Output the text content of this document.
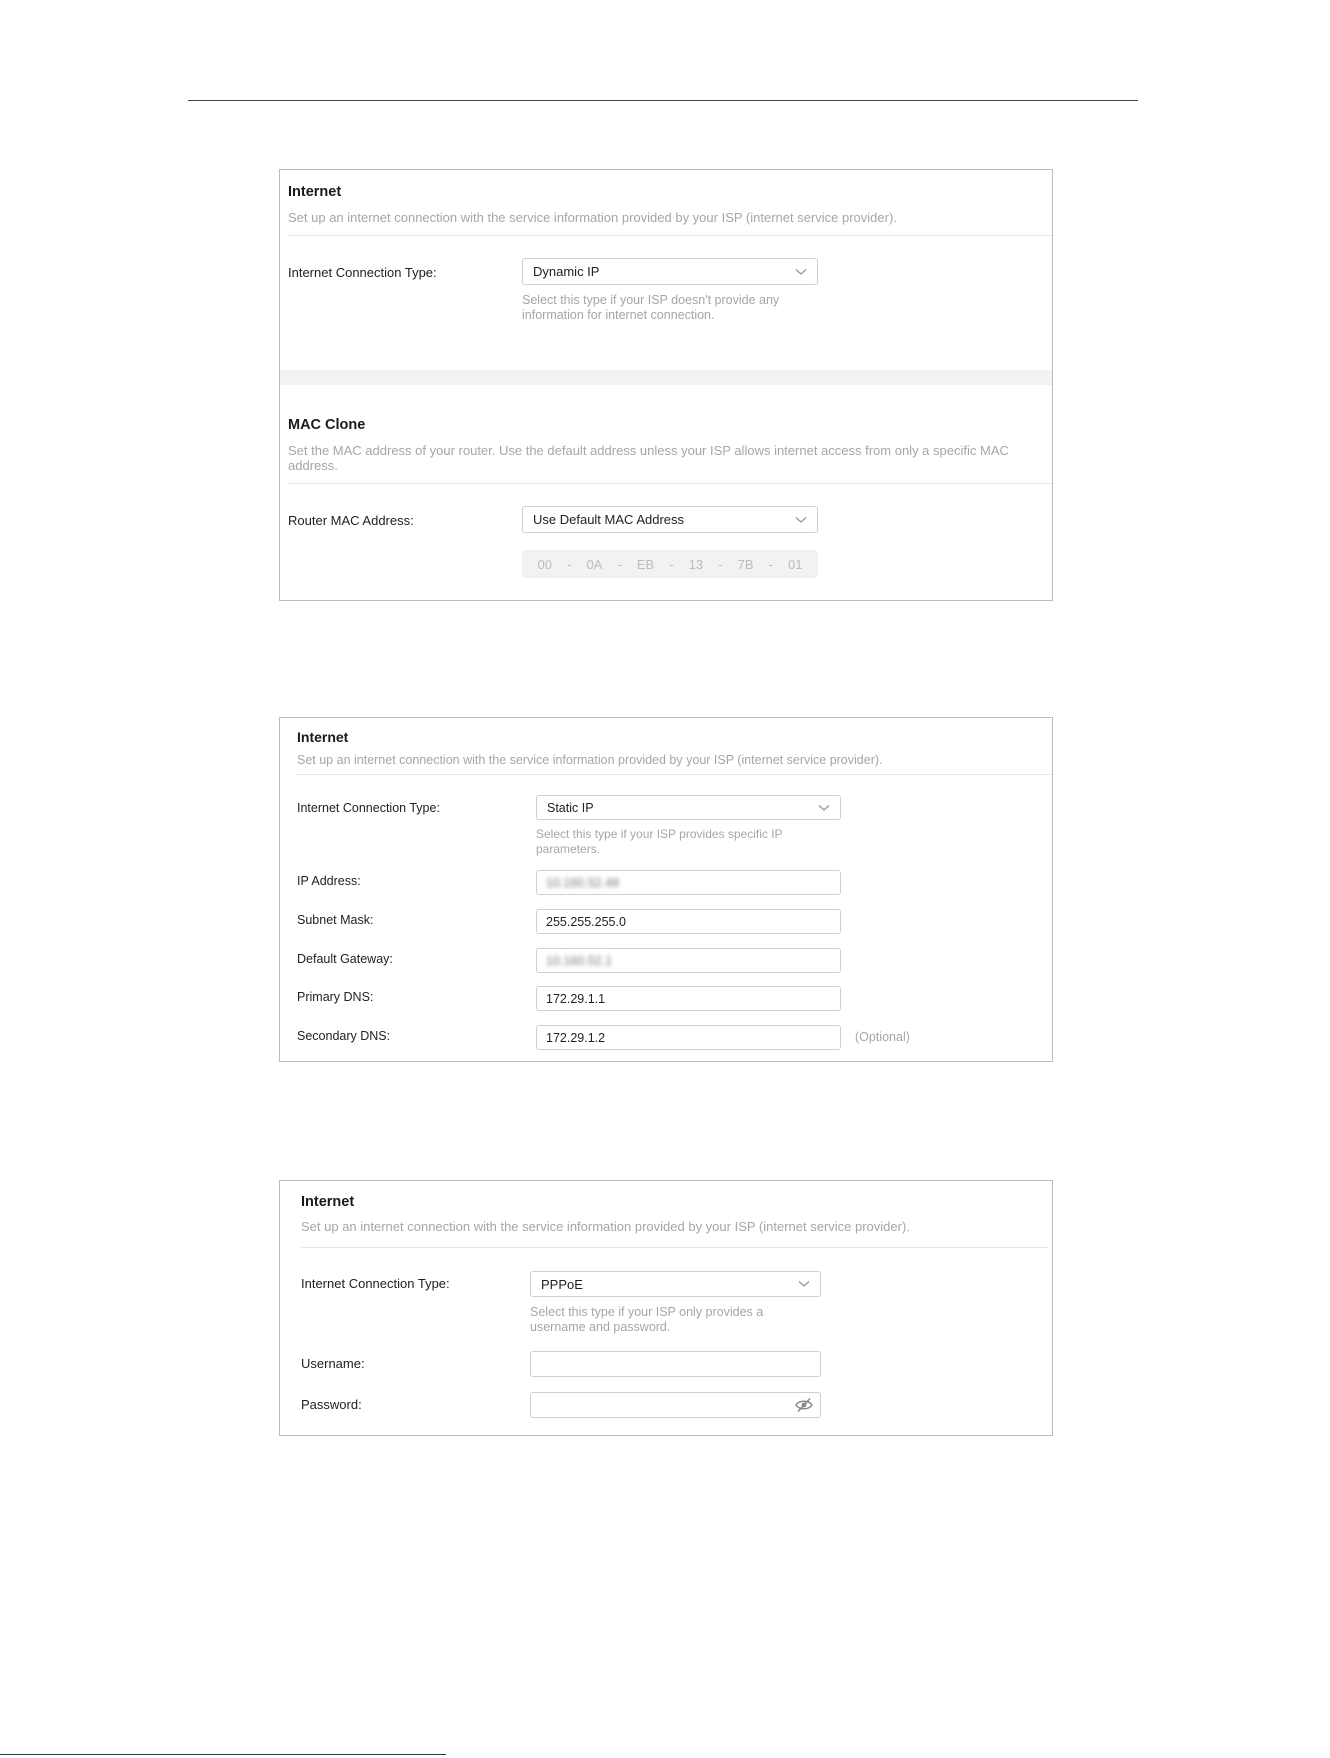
Internet
Set up an internet connection with the service information provided by your ISP (internet service provider).
Internet Connection Type:	Dynamic IP
Select this type if your ISP doesn't provide any information for internet connection.
MAC Clone
Set the MAC address of your router. Use the default address unless your ISP allows internet access from only a specific MAC address.
Router MAC Address:	Use Default MAC Address
00 - 0A - EB - 13 - 7B - 01
Internet
Set up an internet connection with the service information provided by your ISP (internet service provider).
Internet Connection Type:	Static IP
Select this type if your ISP provides specific IP parameters.
IP Address:	10.160.52.49
Subnet Mask:	255.255.255.0
Default Gateway:	10.160.52.1
Primary DNS:	172.29.1.1
Secondary DNS:	172.29.1.2	(Optional)
Internet
Set up an internet connection with the service information provided by your ISP (internet service provider).
Internet Connection Type:	PPPoE
Select this type if your ISP only provides a username and password.
Username:
Password:
